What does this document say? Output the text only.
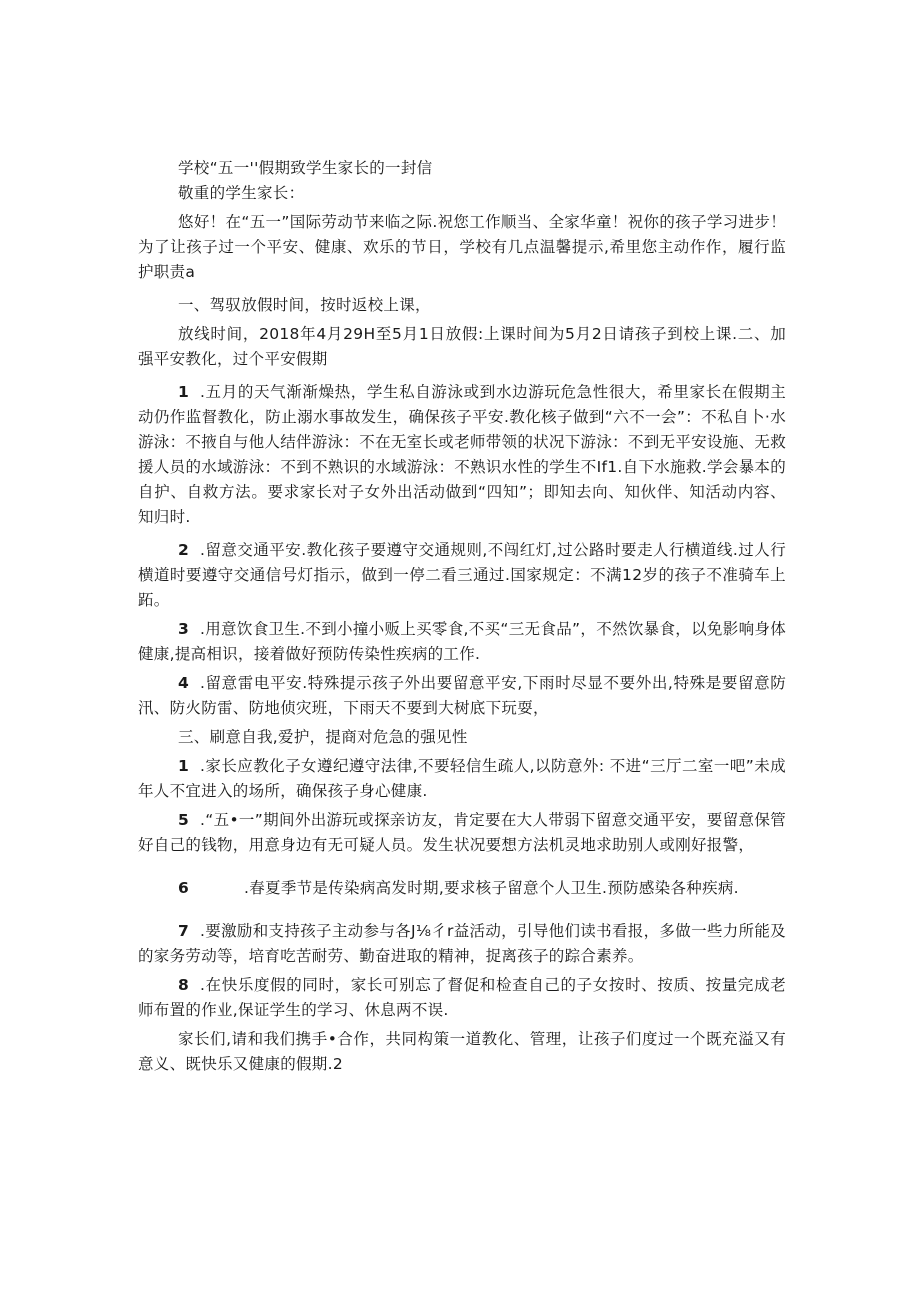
学校“五一''假期致学生家长的一封信

敬重的学生家长：

悠好！在“五一”国际劳动节来临之际.祝您工作顺当、全家华童！祝你的孩子学习进步！为了让孩子过一个平安、健康、欢乐的节日，学校有几点温馨提示,希里您主动作作，履行监护职责a

一、驾驭放假时间，按时返校上课，

放线时间，2018年4月29H至5月1日放假:上课时间为5月2日请孩子到校上课.二、加强平安教化，过个平安假期

1 .五月的天气渐渐燥热，学生私自游泳或到水边游玩危急性很大，希里家长在假期主动仍作监督教化，防止溺水事故发生，确保孩子平安.教化核子做到“六不一会”：不私自卜·水游泳：不掖自与他人结伴游泳：不在无室长或老师带领的状况下游泳：不到无平安设施、无救援人员的水域游泳：不到不熟识的水域游泳：不熟识水性的学生不If1.自下水施救.学会暴本的自护、自救方法。要求家长对子女外出活动做到“四知”；即知去向、知伙伴、知活动内容、知归时.

2 .留意交通平安.教化孩子要遵守交通规则,不闯红灯,过公路时要走人行横道线.过人行横道时要遵守交通信号灯指示，做到一停二看三通过.国家规定：不满12岁的孩子不准骑车上跖。

3 .用意饮食卫生.不到小撞小贩上买零食,不买“三无食品”，不然饮暴食，以免影响身体健康,提高相识，接着做好预防传染性疾病的工作.

4 .留意雷电平安.特殊提示孩子外出要留意平安,下雨时尽显不要外出,特殊是要留意防汛、防火防雷、防地侦灾班，下雨天不要到大树底下玩耍，

三、刷意自我,爱护，提商对危急的强见性

1 .家长应教化子女遵纪遵守法律,不要轻信生疏人,以防意外: 不进“三厅二室一吧”未成年人不宜进入的场所，确保孩子身心健康.

5 .“五•一”期间外出游玩或探亲访友，肯定要在大人带弱下留意交通平安，要留意保管好自己的钱物，用意身边有无可疑人员。发生状况要想方法机灵地求助别人或刚好报警，

6	.春夏季节是传染病高发时期,要求核子留意个人卫生.预防感染各种疾病.

7 .要激励和支持孩子主动参与各J⅛彳r益活动，引导他们读书看报，多做一些力所能及的家务劳动等，培育吃苦耐劳、勤奋进取的精神，捉离孩子的踪合素养。

8 .在快乐度假的同时，家长可别忘了督促和检查自己的子女按时、按质、按量完成老师布置的作业,保证学生的学习、休息两不误.

家长们,请和我们携手•合作，共同构策一道教化、管理，让孩子们度过一个既充溢又有意义、既快乐又健康的假期.2
